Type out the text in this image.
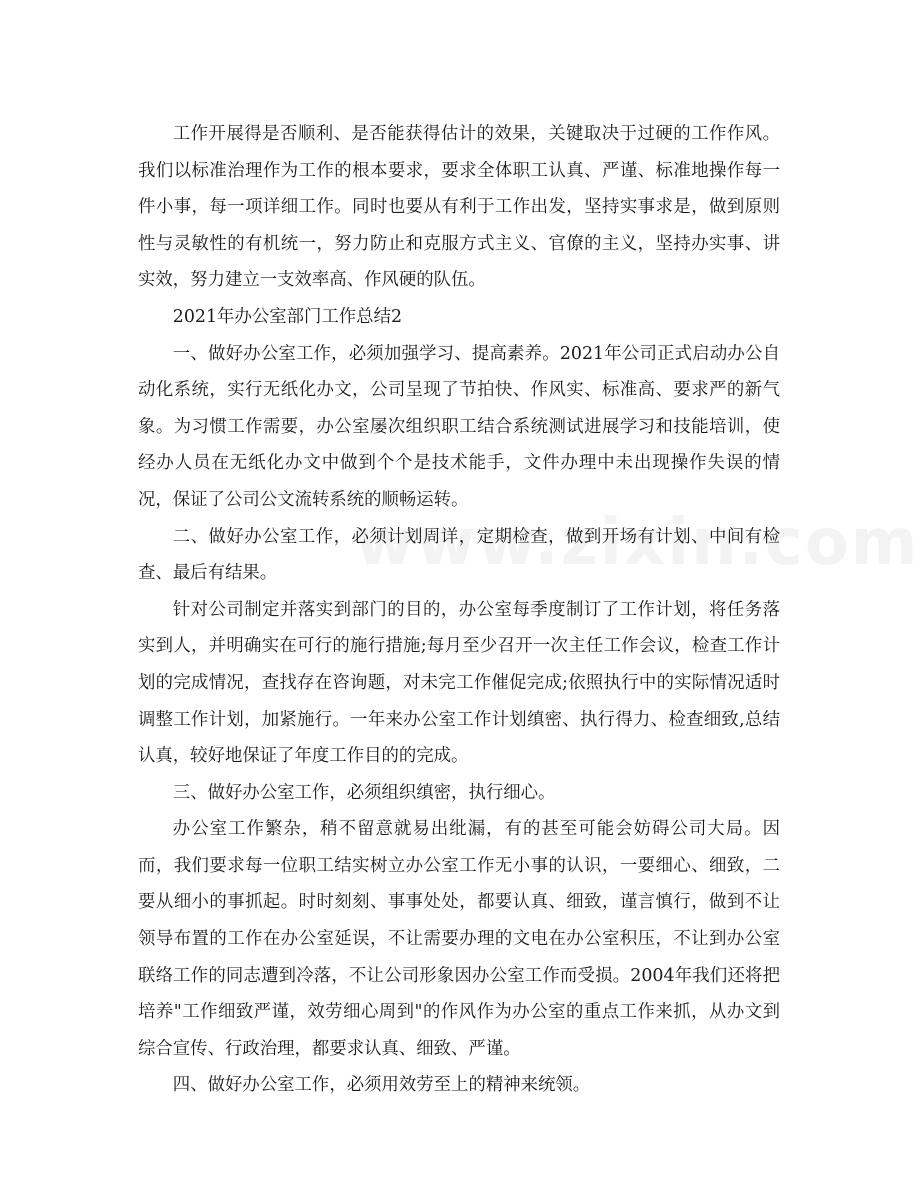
工作开展得是否顺利、是否能获得估计的效果，关键取决于过硬的工作作风。我们以标准治理作为工作的根本要求，要求全体职工认真、严谨、标准地操作每一件小事，每一项详细工作。同时也要从有利于工作出发，坚持实事求是，做到原则性与灵敏性的有机统一，努力防止和克服方式主义、官僚的主义，坚持办实事、讲实效，努力建立一支效率高、作风硬的队伍。

2021年办公室部门工作总结2

一、做好办公室工作，必须加强学习、提高素养。2021年公司正式启动办公自动化系统，实行无纸化办文，公司呈现了节拍快、作风实、标准高、要求严的新气象。为习惯工作需要，办公室屡次组织职工结合系统测试进展学习和技能培训，使经办人员在无纸化办文中做到个个是技术能手，文件办理中未出现操作失误的情况，保证了公司公文流转系统的顺畅运转。

二、做好办公室工作，必须计划周详，定期检查，做到开场有计划、中间有检查、最后有结果。

针对公司制定并落实到部门的目的，办公室每季度制订了工作计划，将任务落实到人，并明确实在可行的施行措施;每月至少召开一次主任工作会议，检查工作计划的完成情况，查找存在咨询题，对未完工作催促完成;依照执行中的实际情况适时调整工作计划，加紧施行。一年来办公室工作计划缜密、执行得力、检查细致,总结认真，较好地保证了年度工作目的的完成。

三、做好办公室工作，必须组织缜密，执行细心。

办公室工作繁杂，稍不留意就易出纰漏，有的甚至可能会妨碍公司大局。因而，我们要求每一位职工结实树立办公室工作无小事的认识，一要细心、细致，二要从细小的事抓起。时时刻刻、事事处处，都要认真、细致，谨言慎行，做到不让领导布置的工作在办公室延误，不让需要办理的文电在办公室积压，不让到办公室联络工作的同志遭到冷落，不让公司形象因办公室工作而受损。2004年我们还将把培养"工作细致严谨，效劳细心周到"的作风作为办公室的重点工作来抓，从办文到综合宣传、行政治理，都要求认真、细致、严谨。

四、做好办公室工作，必须用效劳至上的精神来统领。
